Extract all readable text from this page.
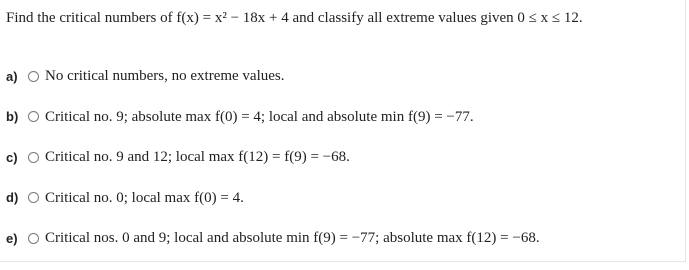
Find the critical numbers of f(x) = x² − 18x + 4 and classify all extreme values given 0 ≤ x ≤ 12.
a)	No critical numbers, no extreme values.
b)	Critical no. 9; absolute max f(0) = 4; local and absolute min f(9) = −77.
c)	Critical no. 9 and 12; local max f(12) = f(9) = −68.
d)	Critical no. 0; local max f(0) = 4.
e)	Critical nos. 0 and 9; local and absolute min f(9) = −77; absolute max f(12) = −68.
